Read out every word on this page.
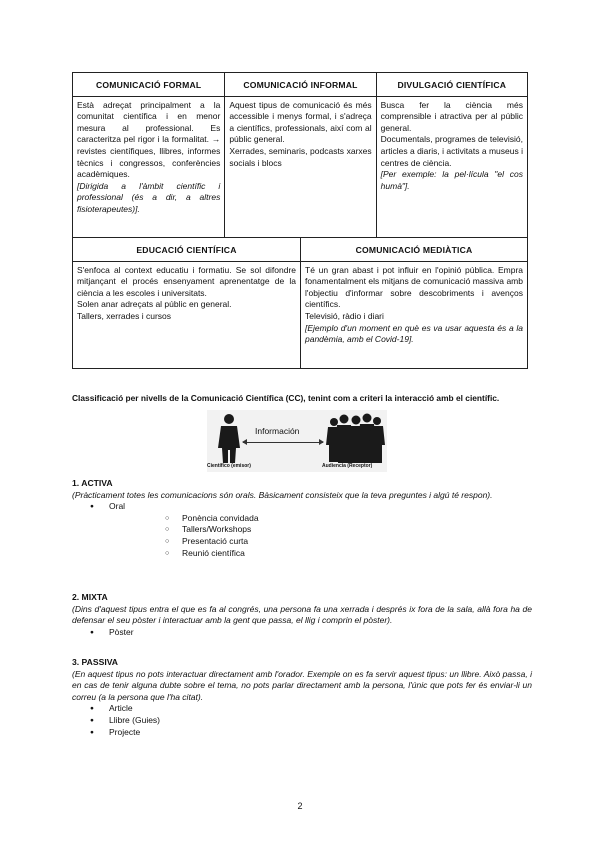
COMUNICACIÓ FORMAL

Està adreçat principalment a la comunitat científica i en menor mesura al professional. Es caracteritza pel rigor i la formalitat. → revistes científiques, llibres, informes tècnics i congressos, conferències acadèmiques.

[Dirigida a l'àmbit científic i professional (és a dir, a altres fisioterapeutes)].

COMUNICACIÓ INFORMAL

Aquest tipus de comunicació és més accessible i menys formal, i s'adreça a científics, professionals, així com al públic general.

Xerrades, seminaris, podcasts xarxes socials i blocs

DIVULGACIÓ CIENTÍFICA

Busca fer la ciència més comprensible i atractiva per al públic general.

Documentals, programes de televisió, articles a diaris, i activitats a museus i centres de ciència.

[Per exemple: la pel·lícula "el cos humà"].

EDUCACIÓ CIENTÍFICA

S'enfoca al context educatiu i formatiu. Se sol difondre mitjançant el procés ensenyament aprenentatge de la ciència a les escoles i universitats.

Solen anar adreçats al públic en general.

Tallers, xerrades i cursos

COMUNICACIÓ MEDIÀTICA

Té un gran abast i pot influir en l'opinió pública. Empra fonamentalment els mitjans de comunicació massiva amb l'objectiu d'informar sobre descobriments i avenços científics.

Televisió, ràdio i diari

[Ejemplo d'un moment en què es va usar aquesta és a la pandèmia, amb el Covid-19].

Classificació per nivells de la Comunicació Científica (CC), tenint com a criteri la interacció amb el científic.
Información
Científico (emisor)	Audiencia (Receptor)
1. ACTIVA
(Pràcticament totes les comunicacions són orals. Bàsicament consisteix que la teva preguntes i algú té respon).
● Oral
○ Ponència convidada
○ Tallers/Workshops
○ Presentació curta
○ Reunió científica
2. MIXTA
(Dins d'aquest tipus entra el que es fa al congrés, una persona fa una xerrada i després ix fora de la sala, allà fora ha de defensar el seu pòster i interactuar amb la gent que passa, el llig i comprin el pòster).
● Pòster
3. PASSIVA
(En aquest tipus no pots interactuar directament amb l'orador. Exemple on es fa servir aquest tipus: un llibre. Això passa, i en cas de tenir alguna dubte sobre el tema, no pots parlar directament amb la persona, l'únic que pots fer és enviar-li un correu (a la persona que l'ha citat).
● Article
● Llibre (Guies)
● Projecte
2
